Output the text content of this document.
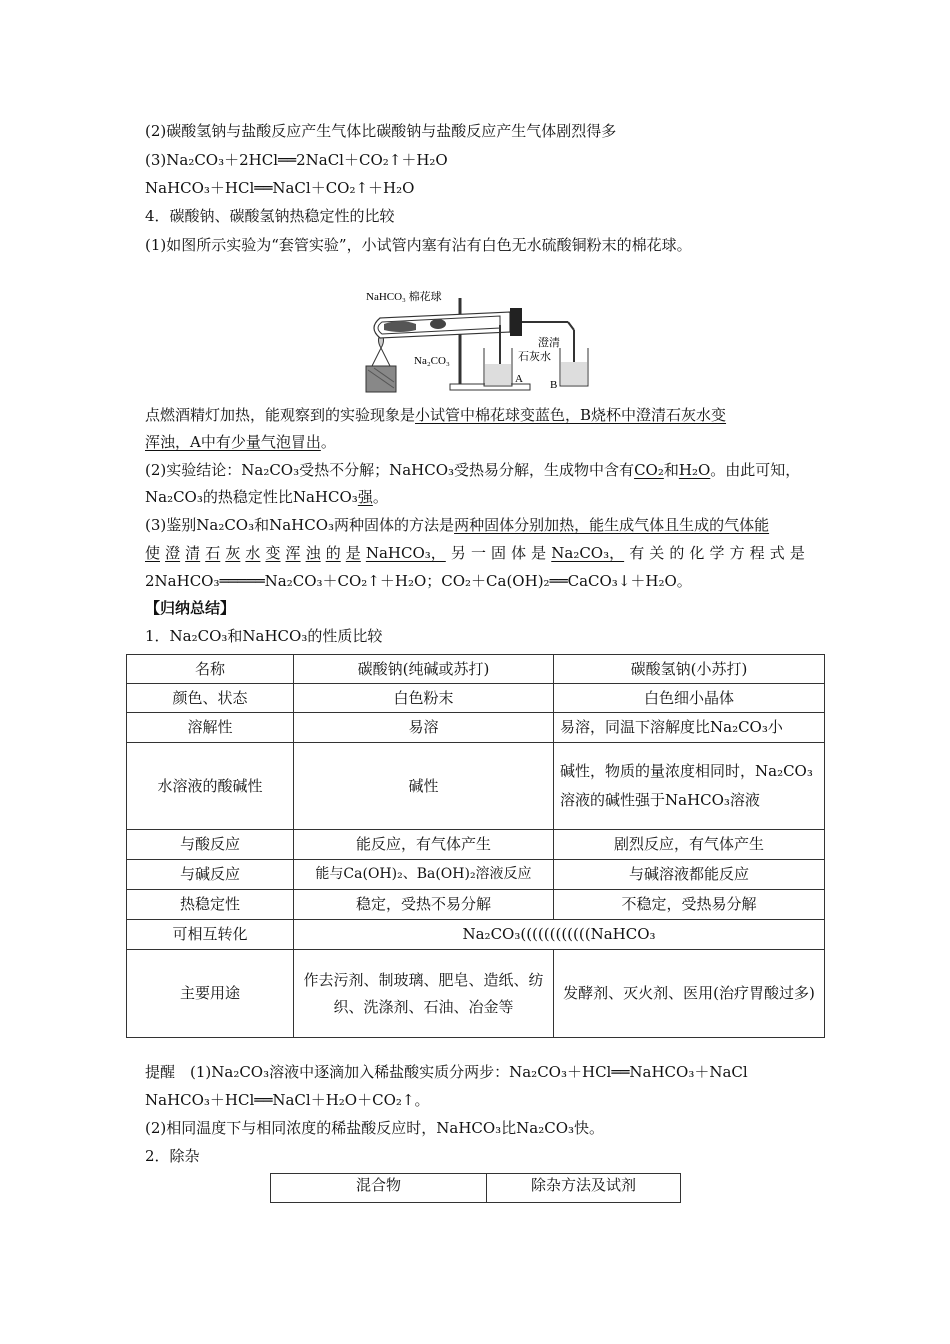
(2)碳酸氢钠与盐酸反应产生气体比碳酸钠与盐酸反应产生气体剧烈得多
(3)Na₂CO₃＋2HCl══2NaCl＋CO₂↑＋H₂O
NaHCO₃＋HCl══NaCl＋CO₂↑＋H₂O
4．碳酸钠、碳酸氢钠热稳定性的比较
(1)如图所示实验为“套管实验”，小试管内塞有沾有白色无水硫酸铜粉末的棉花球。
NaHCO₃ 棉花球
Na₂CO₃
澄清
石灰水
A B
点燃酒精灯加热，能观察到的实验现象是小试管中棉花球变蓝色，B烧杯中澄清石灰水变
浑浊，A中有少量气泡冒出。
(2)实验结论：Na₂CO₃受热不分解；NaHCO₃受热易分解，生成物中含有CO₂和H₂O。由此可知，
Na₂CO₃的热稳定性比NaHCO₃强。
(3)鉴别Na₂CO₃和NaHCO₃两种固体的方法是两种固体分别加热，能生成气体且生成的气体能
使 澄 清 石 灰 水 变 浑 浊 的 是 NaHCO₃， 另 一 固 体 是 Na₂CO₃， 有 关 的 化 学 方 程 式 是
2NaHCO₃═════Na₂CO₃＋CO₂↑＋H₂O；CO₂＋Ca(OH)₂══CaCO₃↓＋H₂O。
【归纳总结】
1．Na₂CO₃和NaHCO₃的性质比较
名称	碳酸钠(纯碱或苏打)	碳酸氢钠(小苏打)
颜色、状态	白色粉末	白色细小晶体
溶解性	易溶	易溶，同温下溶解度比Na₂CO₃小
水溶液的酸碱性	碱性	碱性，物质的量浓度相同时，Na₂CO₃溶液的碱性强于NaHCO₃溶液
与酸反应	能反应，有气体产生	剧烈反应，有气体产生
与碱反应	能与Ca(OH)₂、Ba(OH)₂溶液反应	与碱溶液都能反应
热稳定性	稳定，受热不易分解	不稳定，受热易分解
可相互转化	Na₂CO₃((((((((((((NaHCO₃	
主要用途	作去污剂、制玻璃、肥皂、造纸、纺织、洗涤剂、石油、冶金等	发酵剂、灭火剂、医用(治疗胃酸过多)
提醒　(1)Na₂CO₃溶液中逐滴加入稀盐酸实质分两步：Na₂CO₃＋HCl══NaHCO₃＋NaCl
NaHCO₃＋HCl══NaCl＋H₂O＋CO₂↑。
(2)相同温度下与相同浓度的稀盐酸反应时，NaHCO₃比Na₂CO₃快。
2．除杂
混合物	除杂方法及试剂
